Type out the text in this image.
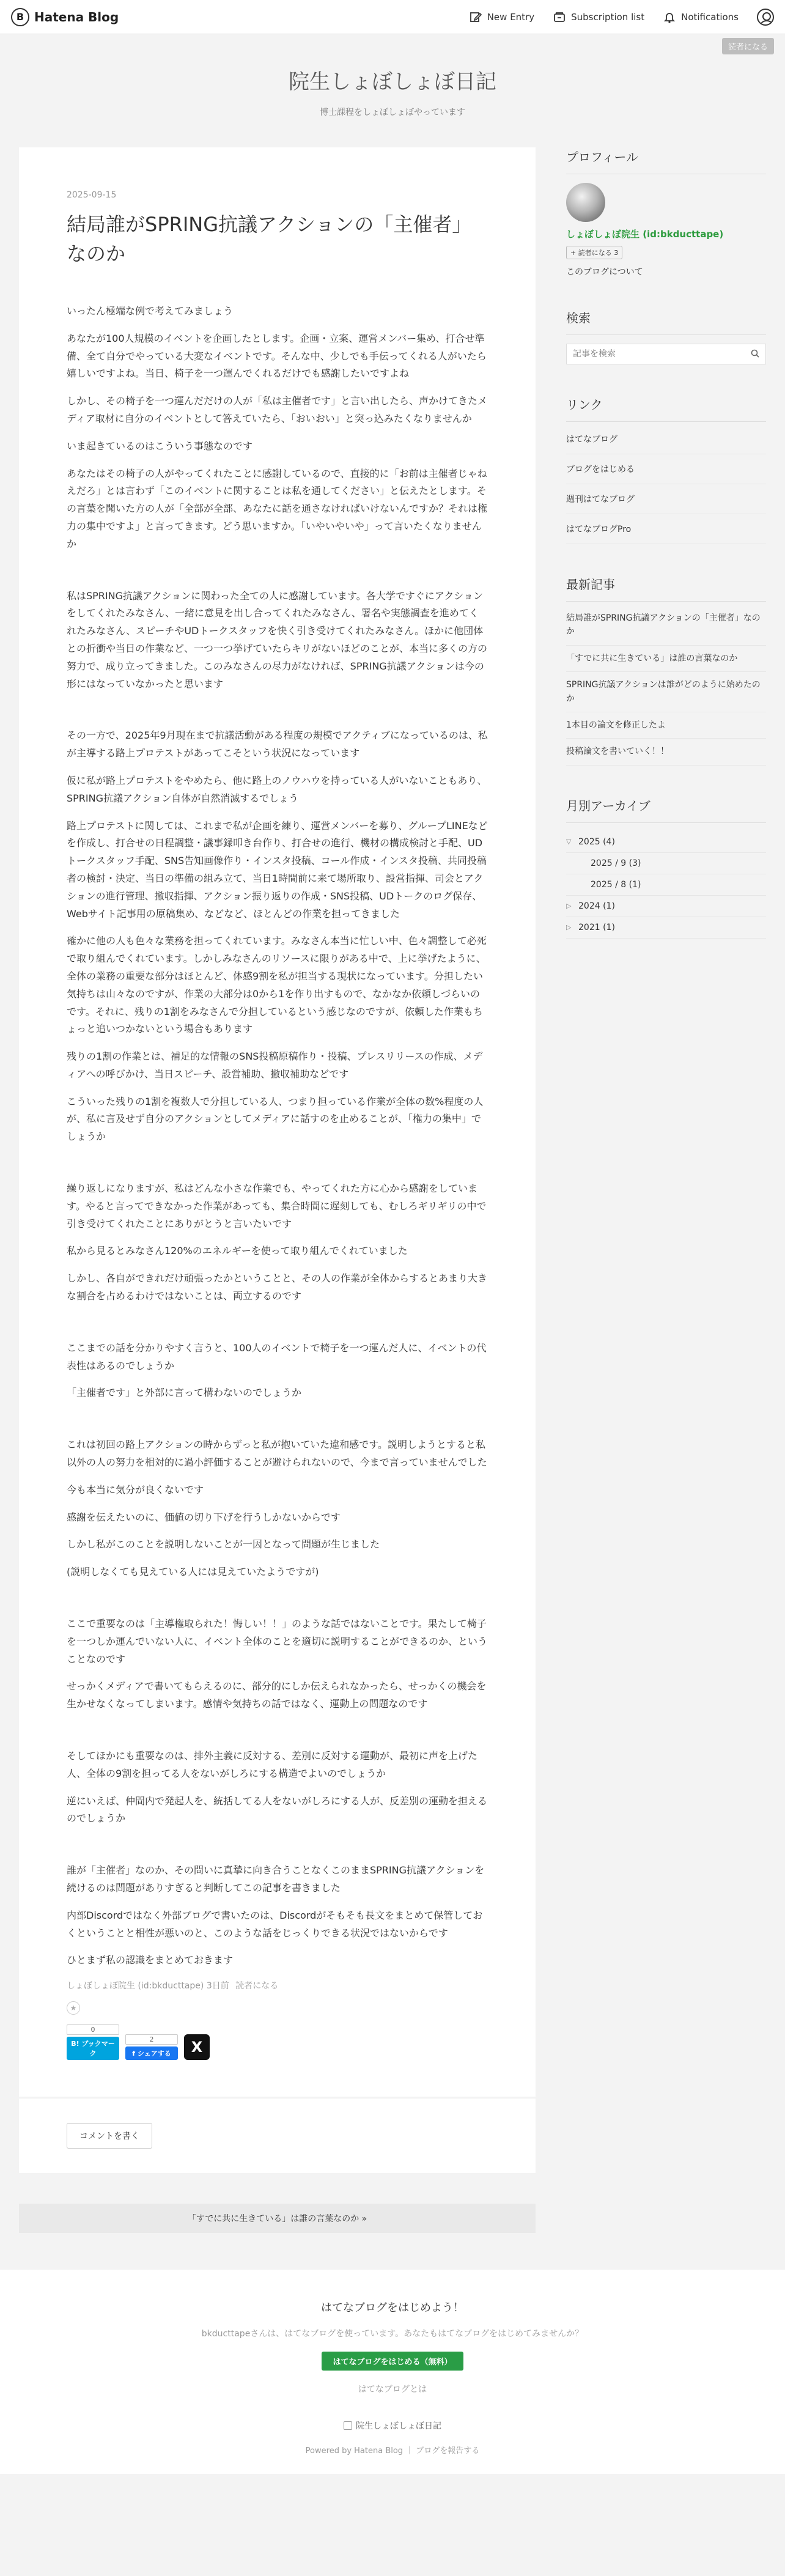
B Hatena Blog	New Entry	Subscription list	Notifications
読者になる
院生しょぼしょぼ日記
博士課程をしょぼしょぼやっています
2025-09-15
結局誰がSPRING抗議アクションの「主催者」なのか

いったん極端な例で考えてみましょう

あなたが100人規模のイベントを企画したとします。企画・立案、運営メンバー集め、打合せ準備、全て自分でやっている大変なイベントです。そんな中、少しでも手伝ってくれる人がいたら嬉しいですよね。当日、椅子を一つ運んでくれるだけでも感謝したいですよね

しかし、その椅子を一つ運んだだけの人が「私は主催者です」と言い出したら、声かけてきたメディア取材に自分のイベントとして答えていたら、「おいおい」と突っ込みたくなりませんか

いま起きているのはこういう事態なのです

あなたはその椅子の人がやってくれたことに感謝しているので、直接的に「お前は主催者じゃねえだろ」とは言わず「このイベントに関することは私を通してください」と伝えたとします。その言葉を聞いた方の人が「全部が全部、あなたに話を通さなければいけないんですか？それは権力の集中ですよ」と言ってきます。どう思いますか。「いやいやいや」って言いたくなりませんか

私はSPRING抗議アクションに関わった全ての人に感謝しています。各大学ですぐにアクションをしてくれたみなさん、一緒に意見を出し合ってくれたみなさん、署名や実態調査を進めてくれたみなさん、スピーチやUDトークスタッフを快く引き受けてくれたみなさん。ほかに他団体との折衝や当日の作業など、一つ一つ挙げていたらキリがないほどのことが、本当に多くの方の努力で、成り立ってきました。このみなさんの尽力がなければ、SPRING抗議アクションは今の形にはなっていなかったと思います

その一方で、2025年9月現在まで抗議活動がある程度の規模でアクティブになっているのは、私が主導する路上プロテストがあってこそという状況になっています

仮に私が路上プロテストをやめたら、他に路上のノウハウを持っている人がいないこともあり、SPRING抗議アクション自体が自然消滅するでしょう

路上プロテストに関しては、これまで私が企画を練り、運営メンバーを募り、グループLINEなどを作成し、打合せの日程調整・議事録叩き台作り、打合せの進行、機材の構成検討と手配、UDトークスタッフ手配、SNS告知画像作り・インスタ投稿、コール作成・インスタ投稿、共同投稿者の検討・決定、当日の準備の組み立て、当日1時間前に来て場所取り、設営指揮、司会とアクションの進行管理、撤収指揮、アクション振り返りの作成・SNS投稿、UDトークのログ保存、Webサイト記事用の原稿集め、などなど、ほとんどの作業を担ってきました

確かに他の人も色々な業務を担ってくれています。みなさん本当に忙しい中、色々調整して必死で取り組んでくれています。しかしみなさんのリソースに限りがある中で、上に挙げたように、全体の業務の重要な部分はほとんど、体感9割を私が担当する現状になっています。分担したい気持ちは山々なのですが、作業の大部分は0から1を作り出すもので、なかなか依頼しづらいのです。それに、残りの1割をみなさんで分担しているという感じなのですが、依頼した作業もちょっと追いつかないという場合もあります

残りの1割の作業とは、補足的な情報のSNS投稿原稿作り・投稿、プレスリリースの作成、メディアへの呼びかけ、当日スピーチ、設営補助、撤収補助などです

こういった残りの1割を複数人で分担している人、つまり担っている作業が全体の数%程度の人が、私に言及せず自分のアクションとしてメディアに話すのを止めることが、「権力の集中」でしょうか

繰り返しになりますが、私はどんな小さな作業でも、やってくれた方に心から感謝をしています。やると言ってできなかった作業があっても、集合時間に遅刻しても、むしろギリギリの中で引き受けてくれたことにありがとうと言いたいです

私から見るとみなさん120%のエネルギーを使って取り組んでくれていました

しかし、各自ができれだけ頑張ったかということと、その人の作業が全体からするとあまり大きな割合を占めるわけではないことは、両立するのです

ここまでの話を分かりやすく言うと、100人のイベントで椅子を一つ運んだ人に、イベントの代表性はあるのでしょうか

「主催者です」と外部に言って構わないのでしょうか

これは初回の路上アクションの時からずっと私が抱いていた違和感です。説明しようとすると私以外の人の努力を相対的に過小評価することが避けられないので、今まで言っていませんでした

今も本当に気分が良くないです

感謝を伝えたいのに、価値の切り下げを行うしかないからです

しかし私がこのことを説明しないことが一因となって問題が生じました

(説明しなくても見えている人には見えていたようですが)

ここで重要なのは「主導権取られた！悔しい！！」のような話ではないことです。果たして椅子を一つしか運んでいない人に、イベント全体のことを適切に説明することができるのか、ということなのです

せっかくメディアで書いてもらえるのに、部分的にしか伝えられなかったら、せっかくの機会を生かせなくなってしまいます。感情や気持ちの話ではなく、運動上の問題なのです

そしてほかにも重要なのは、排外主義に反対する、差別に反対する運動が、最初に声を上げた人、全体の9割を担ってる人をないがしろにする構造でよいのでしょうか

逆にいえば、仲間内で発起人を、統括してる人をないがしろにする人が、反差別の運動を担えるのでしょうか

誰が「主催者」なのか、その問いに真摯に向き合うことなくこのままSPRING抗議アクションを続けるのは問題がありすぎると判断してこの記事を書きました

内部Discordではなく外部ブログで書いたのは、Discordがそもそも長文をまとめて保管しておくということと相性が悪いのと、このような話をじっくりできる状況ではないからです

ひとまず私の認識をまとめておきます

しょぼしょぼ院生 (id:bkducttape) 3日前 読者になる
★
0
B! ブックマーク
2
f シェアする	X
コメントを書く
「すでに共に生きている」は誰の言葉なのか »
プロフィール
しょぼしょぼ院生 (id:bkducttape)
+ 読者になる 3
このブログについて
検索
記事を検索
リンク
はてなブログ
ブログをはじめる
週刊はてなブログ
はてなブログPro
最新記事
結局誰がSPRING抗議アクションの「主催者」なのか
「すでに共に生きている」は誰の言葉なのか
SPRING抗議アクションは誰がどのように始めたのか
1本目の論文を修正したよ
投稿論文を書いていく！！
月別アーカイブ
▽ 2025 (4)
2025 / 9 (3)
2025 / 8 (1)
▷ 2024 (1)
▷ 2021 (1)
はてなブログをはじめよう！
bkducttapeさんは、はてなブログを使っています。あなたもはてなブログをはじめてみませんか？
はてなブログをはじめる（無料）
はてなブログとは
院生しょぼしょぼ日記
Powered by Hatena Blog ｜ ブログを報告する
